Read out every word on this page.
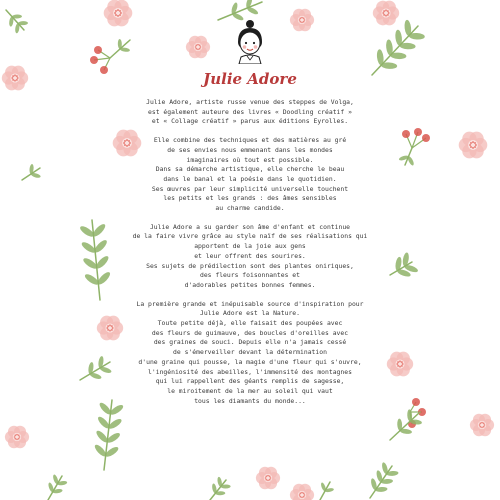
Julie Adore
Julie Adore, artiste russe venue des steppes de Volga,
est également auteure des livres « Doodling créatif »
et « Collage créatif » parus aux éditions Eyrolles.
Elle combine des techniques et des matières au gré
de ses envies nous emmenant dans les mondes
imaginaires où tout est possible.
Dans sa démarche artistique, elle cherche le beau
dans le banal et la poésie dans le quotidien.
Ses œuvres par leur simplicité universelle touchent
les petits et les grands : des âmes sensibles
au charme candide.
Julie Adore a su garder son âme d'enfant et continue
de la faire vivre grâce au style naïf de ses réalisations qui
apportent de la joie aux gens
et leur offrent des sourires.
Ses sujets de prédilection sont des plantes oniriques,
des fleurs foisonnantes et
d'adorables petites bonnes femmes.
La première grande et inépuisable source d'inspiration pour
Julie Adore est la Nature.
Toute petite déjà, elle faisait des poupées avec
des fleurs de guimauve, des boucles d'oreilles avec
des graines de souci. Depuis elle n'a jamais cessé
de s'émerveiller devant la détermination
d'une graine qui pousse, la magie d'une fleur qui s'ouvre,
l'ingéniosité des abeilles, l'immensité des montagnes
qui lui rappellent des géants remplis de sagesse,
le miroitement de la mer au soleil qui vaut
tous les diamants du monde...
